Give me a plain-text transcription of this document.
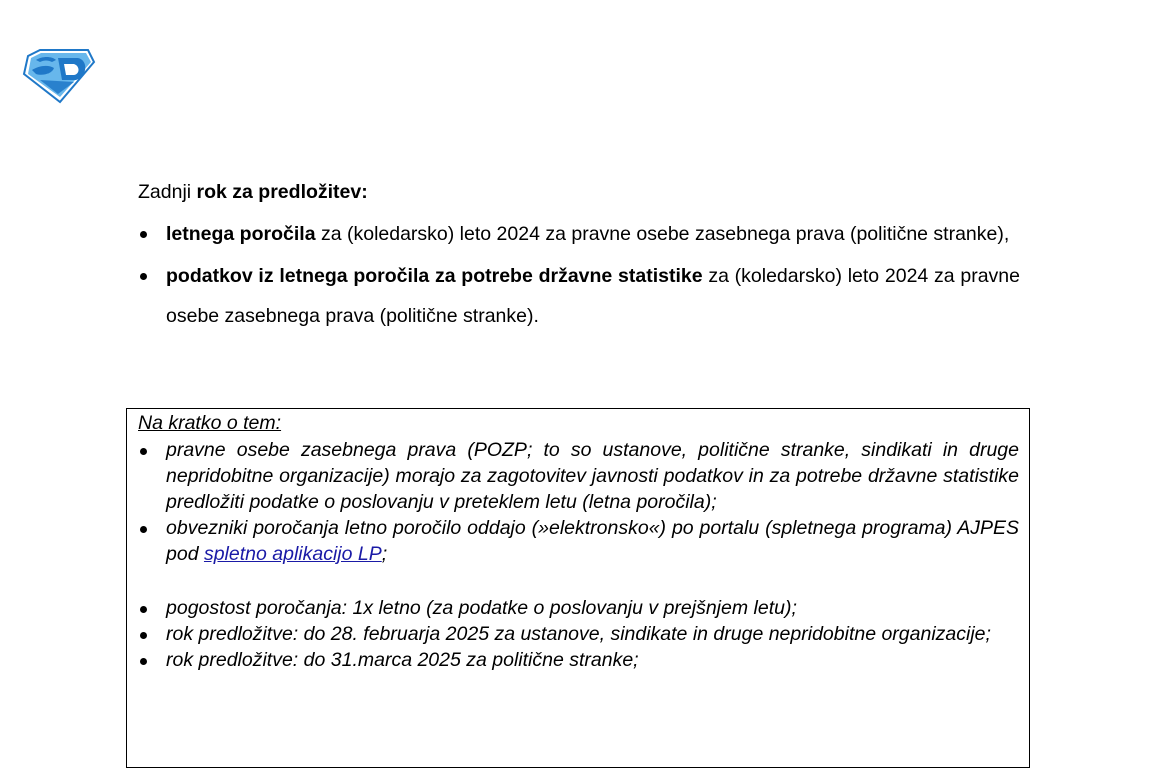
Zadnji rok za predložitev:
letnega poročila za (koledarsko) leto 2024 za pravne osebe zasebnega prava (politične stranke),
podatkov iz letnega poročila za potrebe državne statistike za (koledarsko) leto 2024 za pravne osebe zasebnega prava (politične stranke).

Na kratko o tem:

pravne osebe zasebnega prava (POZP; to so ustanove, politične stranke, sindikati in druge nepridobitne organizacije) morajo za zagotovitev javnosti podatkov in za potrebe državne statistike predložiti podatke o poslovanju v preteklem letu (letna poročila);
obvezniki poročanja letno poročilo oddajo (»elektronsko«) po portalu (spletnega programa) AJPES pod spletno aplikacijo LP;
pogostost poročanja: 1x letno (za podatke o poslovanju v prejšnjem letu);
rok predložitve: do 28. februarja 2025 za ustanove, sindikate in druge nepridobitne organizacije;
rok predložitve: do 31.marca 2025 za politične stranke;
